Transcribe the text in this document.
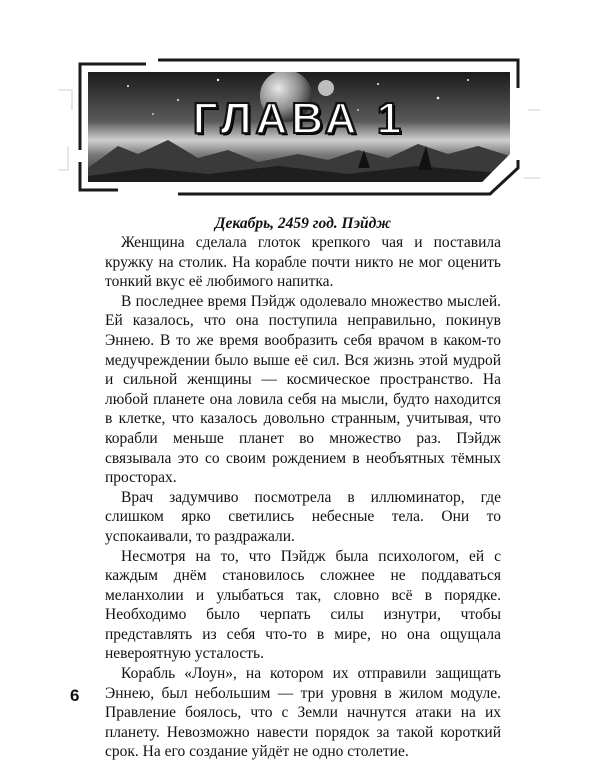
ГЛАВА 1

Декабрь, 2459 год. Пэйдж

Женщина сделала глоток крепкого чая и поставила кружку на столик. На корабле почти никто не мог оценить тонкий вкус её любимого напитка.

В последнее время Пэйдж одолевало множество мыслей. Ей казалось, что она поступила неправильно, покинув Эннею. В то же время вообразить себя врачом в каком-то медучреждении было выше её сил. Вся жизнь этой мудрой и сильной женщины — космическое пространство. На любой планете она ловила себя на мысли, будто находится в клетке, что казалось довольно странным, учитывая, что корабли меньше планет во множество раз. Пэйдж связывала это со своим рождением в необъятных тёмных просторах.

Врач задумчиво посмотрела в иллюминатор, где слишком ярко светились небесные тела. Они то успокаивали, то раздражали.

Несмотря на то, что Пэйдж была психологом, ей с каждым днём становилось сложнее не поддаваться меланхолии и улыбаться так, словно всё в порядке. Необходимо было черпать силы изнутри, чтобы представлять из себя что-то в мире, но она ощущала невероятную усталость.

Корабль «Лоун», на котором их отправили защищать Эннею, был небольшим — три уровня в жилом модуле. Правление боялось, что с Земли начнутся атаки на их планету. Невозможно навести порядок за такой короткий срок. На его создание уйдёт не одно столетие.

6
